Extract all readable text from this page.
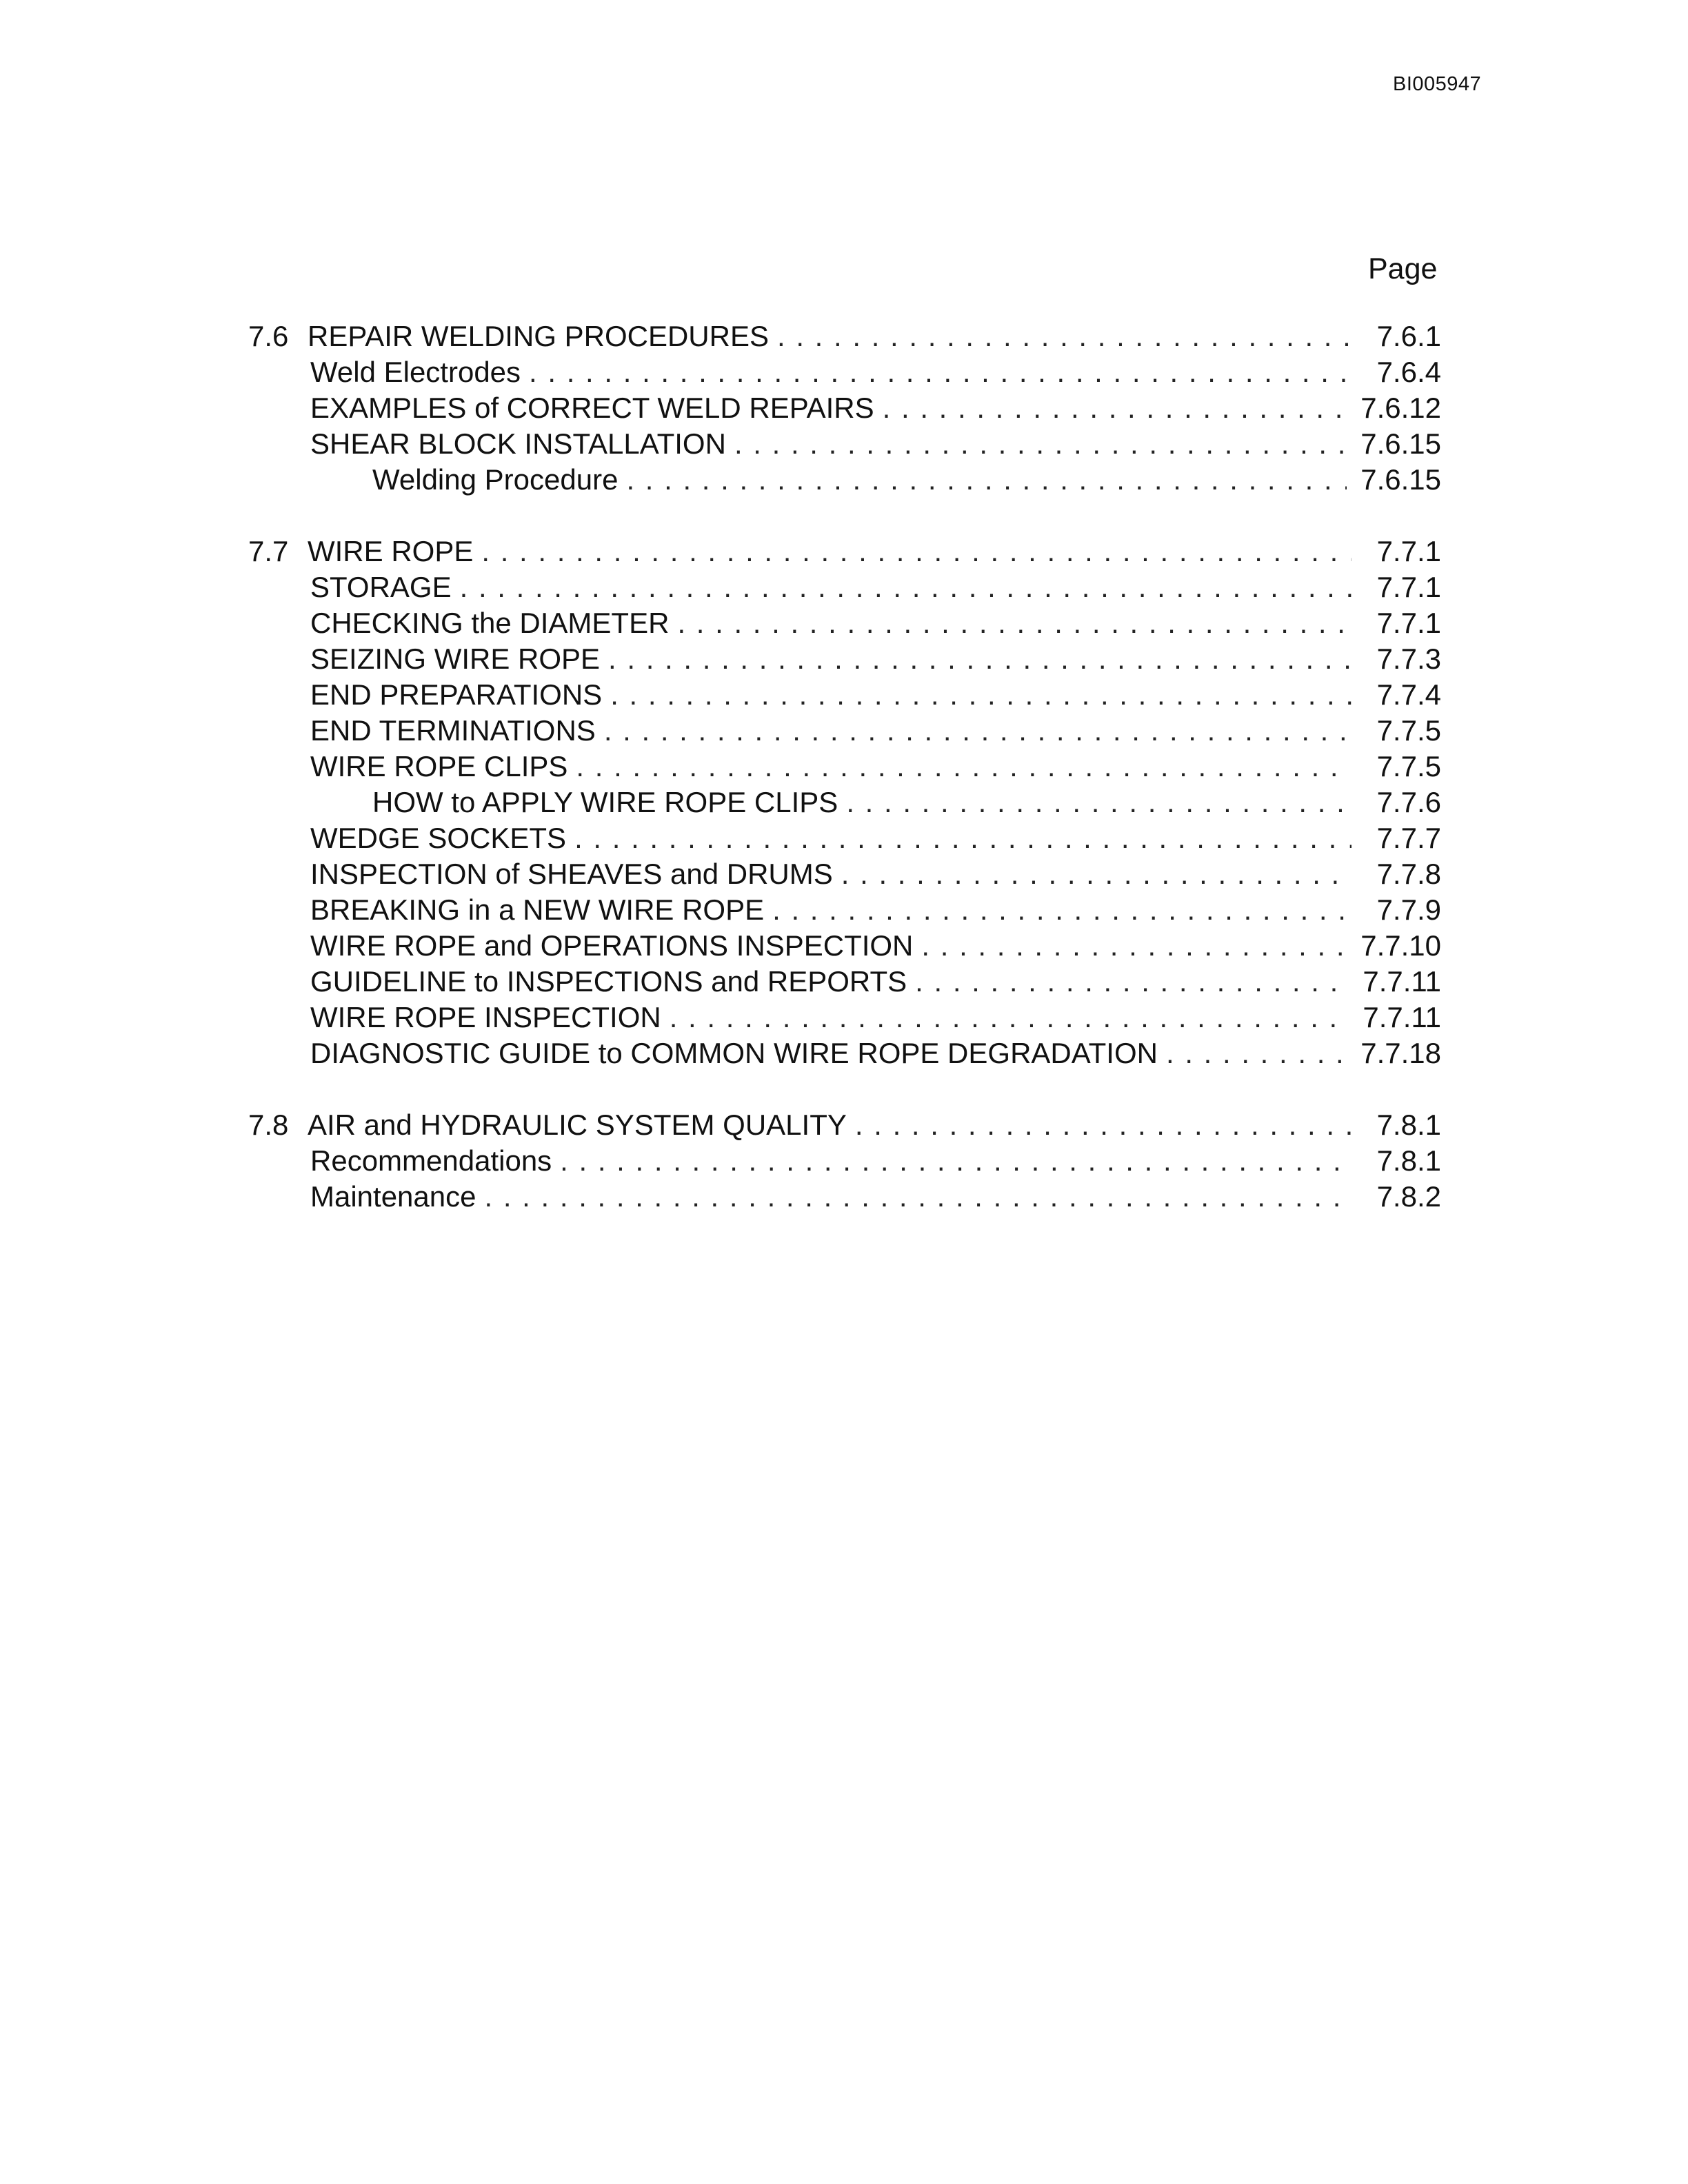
BI005947
Page
7.6 REPAIR WELDING PROCEDURES . . .	7.6.1
Weld Electrodes . . .	7.6.4
EXAMPLES of CORRECT WELD REPAIRS . . .	7.6.12
SHEAR BLOCK INSTALLATION . . .	7.6.15
Welding Procedure . . .	7.6.15
7.7 WIRE ROPE . . .	7.7.1
STORAGE . . .	7.7.1
CHECKING the DIAMETER . . .	7.7.1
SEIZING WIRE ROPE . . .	7.7.3
END PREPARATIONS . . .	7.7.4
END TERMINATIONS . . .	7.7.5
WIRE ROPE CLIPS . . .	7.7.5
HOW to APPLY WIRE ROPE CLIPS . . .	7.7.6
WEDGE SOCKETS . . .	7.7.7
INSPECTION of SHEAVES and DRUMS . . .	7.7.8
BREAKING in a NEW WIRE ROPE . . .	7.7.9
WIRE ROPE and OPERATIONS INSPECTION . . .	7.7.10
GUIDELINE to INSPECTIONS and REPORTS . . .	7.7.11
WIRE ROPE INSPECTION . . .	7.7.11
DIAGNOSTIC GUIDE to COMMON WIRE ROPE DEGRADATION . . .	7.7.18
7.8 AIR and HYDRAULIC SYSTEM QUALITY . . .	7.8.1
Recommendations . . .	7.8.1
Maintenance . . .	7.8.2
